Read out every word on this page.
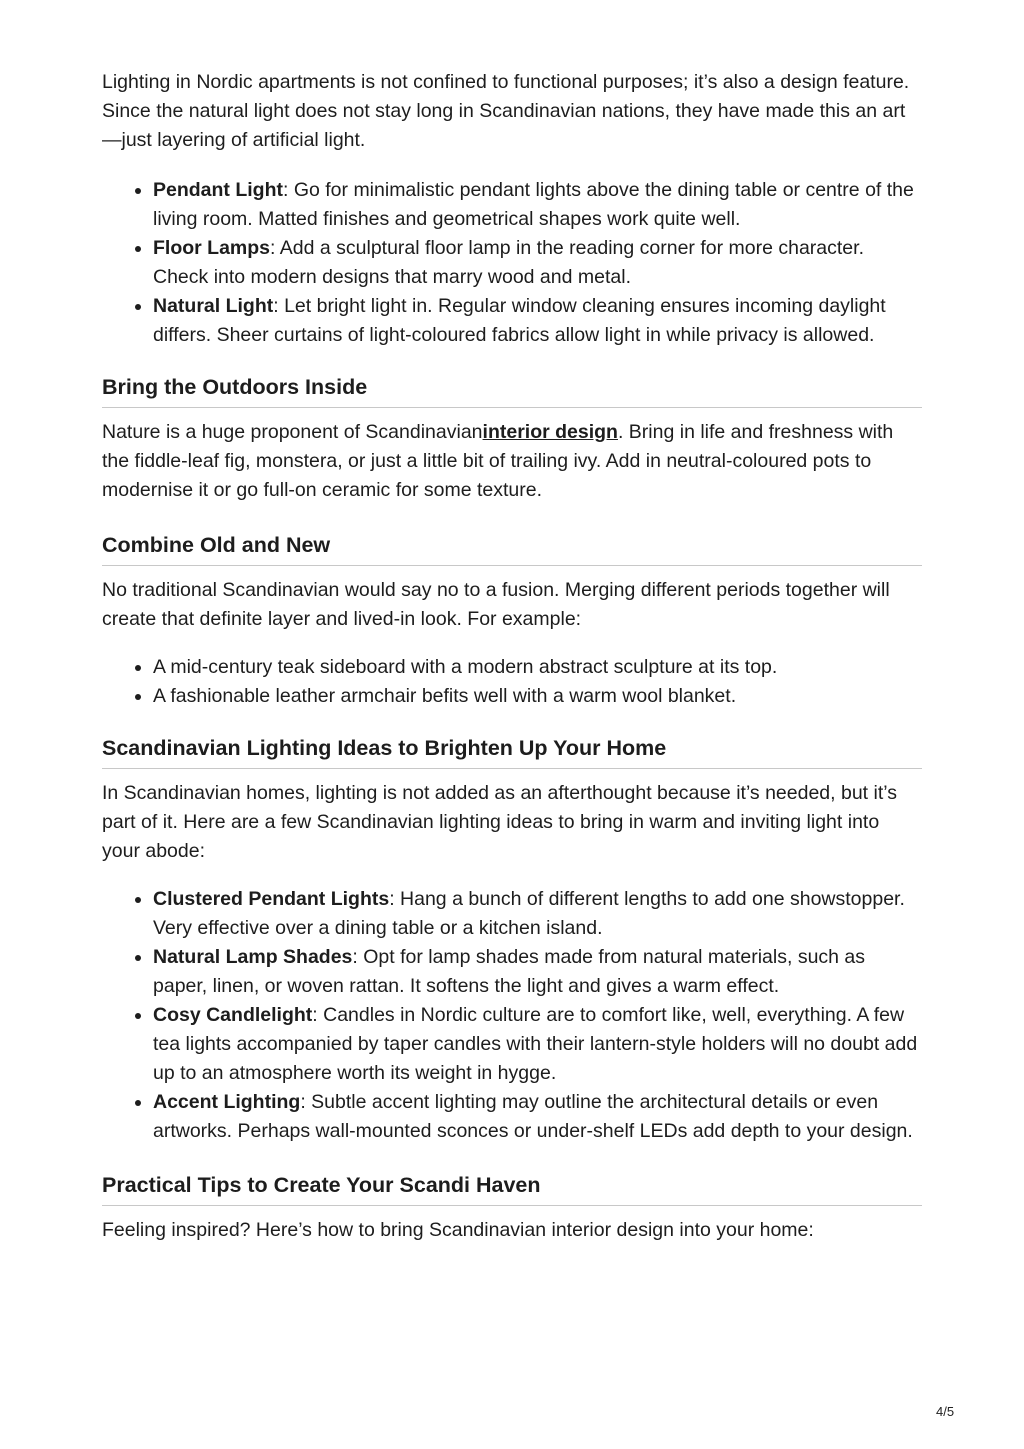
Lighting in Nordic apartments is not confined to functional purposes; it’s also a design feature. Since the natural light does not stay long in Scandinavian nations, they have made this an art—just layering of artificial light.

• Pendant Light: Go for minimalistic pendant lights above the dining table or centre of the living room. Matted finishes and geometrical shapes work quite well.
• Floor Lamps: Add a sculptural floor lamp in the reading corner for more character. Check into modern designs that marry wood and metal.
• Natural Light: Let bright light in. Regular window cleaning ensures incoming daylight differs. Sheer curtains of light-coloured fabrics allow light in while privacy is allowed.
Bring the Outdoors Inside

Nature is a huge proponent of Scandinavianinterior design. Bring in life and freshness with the fiddle-leaf fig, monstera, or just a little bit of trailing ivy. Add in neutral-coloured pots to modernise it or go full-on ceramic for some texture.

Combine Old and New

No traditional Scandinavian would say no to a fusion. Merging different periods together will create that definite layer and lived-in look. For example:

• A mid-century teak sideboard with a modern abstract sculpture at its top.
• A fashionable leather armchair befits well with a warm wool blanket.
Scandinavian Lighting Ideas to Brighten Up Your Home

In Scandinavian homes, lighting is not added as an afterthought because it’s needed, but it’s part of it. Here are a few Scandinavian lighting ideas to bring in warm and inviting light into your abode:

• Clustered Pendant Lights: Hang a bunch of different lengths to add one showstopper. Very effective over a dining table or a kitchen island.
• Natural Lamp Shades: Opt for lamp shades made from natural materials, such as paper, linen, or woven rattan. It softens the light and gives a warm effect.
• Cosy Candlelight: Candles in Nordic culture are to comfort like, well, everything. A few tea lights accompanied by taper candles with their lantern-style holders will no doubt add up to an atmosphere worth its weight in hygge.
• Accent Lighting: Subtle accent lighting may outline the architectural details or even artworks. Perhaps wall-mounted sconces or under-shelf LEDs add depth to your design.
Practical Tips to Create Your Scandi Haven

Feeling inspired? Here’s how to bring Scandinavian interior design into your home:

4/5
